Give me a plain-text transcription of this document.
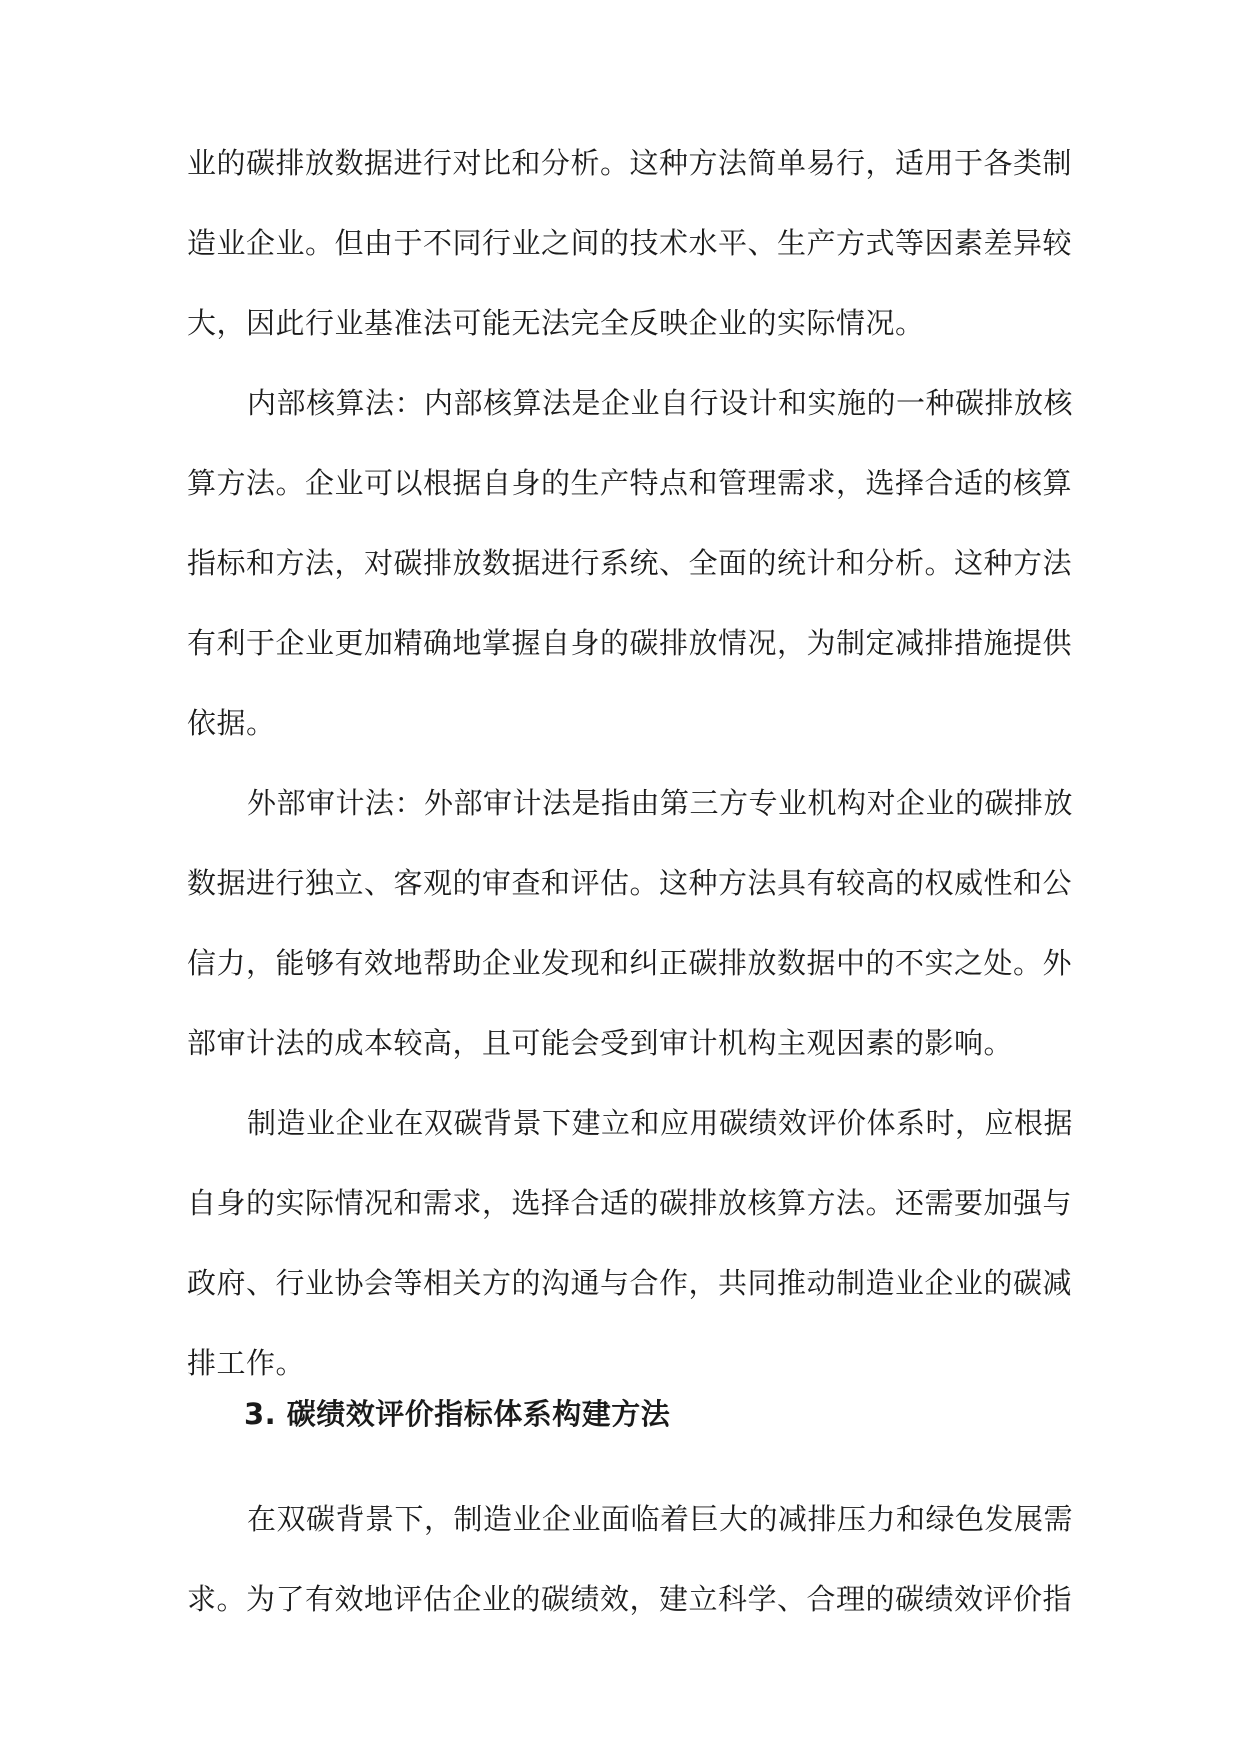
业的碳排放数据进行对比和分析。这种方法简单易行，适用于各类制
造业企业。但由于不同行业之间的技术水平、生产方式等因素差异较
大，因此行业基准法可能无法完全反映企业的实际情况。
内部核算法：内部核算法是企业自行设计和实施的一种碳排放核
算方法。企业可以根据自身的生产特点和管理需求，选择合适的核算
指标和方法，对碳排放数据进行系统、全面的统计和分析。这种方法
有利于企业更加精确地掌握自身的碳排放情况，为制定减排措施提供
依据。
外部审计法：外部审计法是指由第三方专业机构对企业的碳排放
数据进行独立、客观的审查和评估。这种方法具有较高的权威性和公
信力，能够有效地帮助企业发现和纠正碳排放数据中的不实之处。外
部审计法的成本较高，且可能会受到审计机构主观因素的影响。
制造业企业在双碳背景下建立和应用碳绩效评价体系时，应根据
自身的实际情况和需求，选择合适的碳排放核算方法。还需要加强与
政府、行业协会等相关方的沟通与合作，共同推动制造业企业的碳减
排工作。
3. 碳绩效评价指标体系构建方法
在双碳背景下，制造业企业面临着巨大的减排压力和绿色发展需
求。为了有效地评估企业的碳绩效，建立科学、合理的碳绩效评价指
